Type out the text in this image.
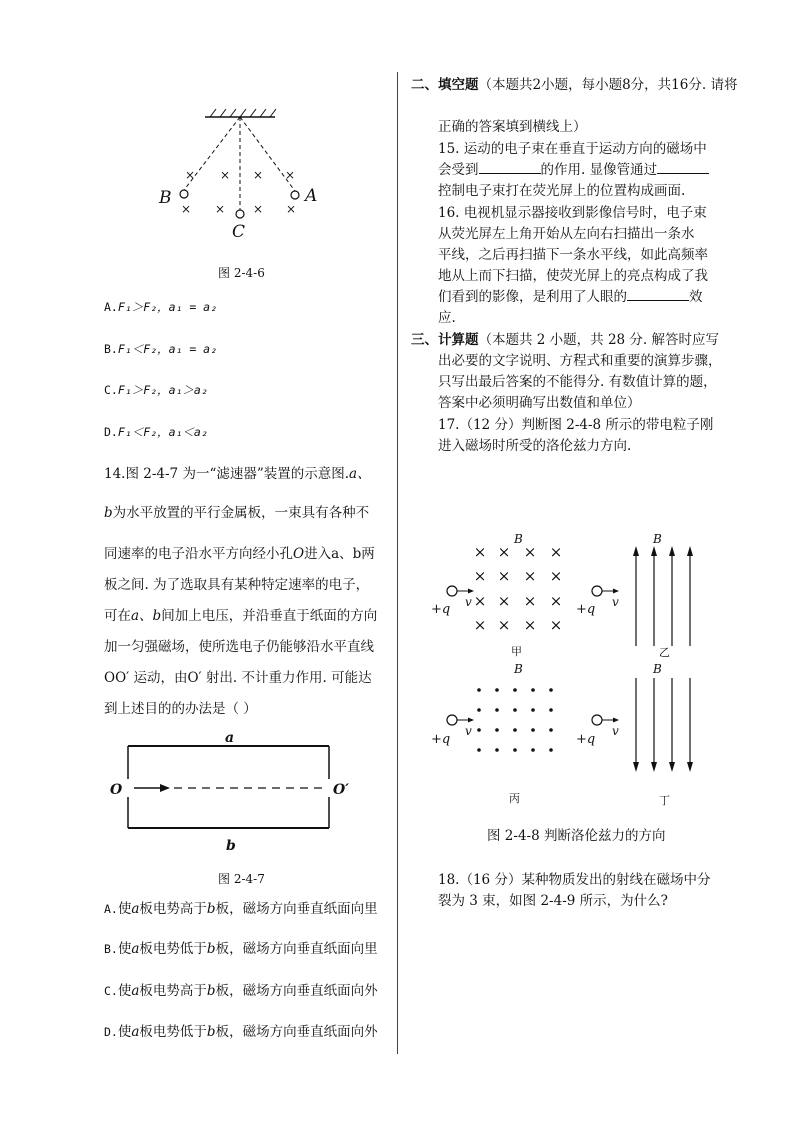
× × × ×
× × × ×
B	A
C
图 2-4-6
A.F₁＞F₂，a₁ = a₂
B.F₁＜F₂，a₁ = a₂
C.F₁＞F₂，a₁＞a₂
D.F₁＜F₂，a₁＜a₂
14.图 2-4-7 为一“滤速器”装置的示意图.a、
b为水平放置的平行金属板，一束具有各种不
同速率的电子沿水平方向经小孔O进入a、b两
板之间. 为了选取具有某种特定速率的电子，
可在a、b间加上电压，并沿垂直于纸面的方向
加一匀强磁场，使所选电子仍能够沿水平直线
OO′ 运动，由O′ 射出. 不计重力作用. 可能达
到上述目的的办法是（ ）
a
b
O	O′
图 2-4-7
A.使a板电势高于b板，磁场方向垂直纸面向里
B.使a板电势低于b板，磁场方向垂直纸面向里
C.使a板电势高于b板，磁场方向垂直纸面向外
D.使a板电势低于b板，磁场方向垂直纸面向外
二、填空题（本题共2小题，每小题8分，共16分. 请将
正确的答案填到横线上）
15. 运动的电子束在垂直于运动方向的磁场中
会受到	的作用. 显像管通过
控制电子束打在荧光屏上的位置构成画面.
16. 电视机显示器接收到影像信号时，电子束
从荧光屏左上角开始从左向右扫描出一条水
平线，之后再扫描下一条水平线，如此高频率
地从上而下扫描，使荧光屏上的亮点构成了我
们看到的影像，是利用了人眼的	效
应.
三、计算题（本题共 2 小题，共 28 分. 解答时应写
出必要的文字说明、方程式和重要的演算步骤，
只写出最后答案的不能得分. 有数值计算的题，
答案中必须明确写出数值和单位）
17.（12 分）判断图 2-4-8 所示的带电粒子刚
进入磁场时所受的洛伦兹力方向.
B
× × × ×
× × × ×
× × × ×
× × × ×
v
+q
甲
B
v
+q
乙
B
v
+q
丙
B
v
+q
丁
图 2-4-8 判断洛伦兹力的方向
18.（16 分）某种物质发出的射线在磁场中分
裂为 3 束，如图 2-4-9 所示，为什么?
